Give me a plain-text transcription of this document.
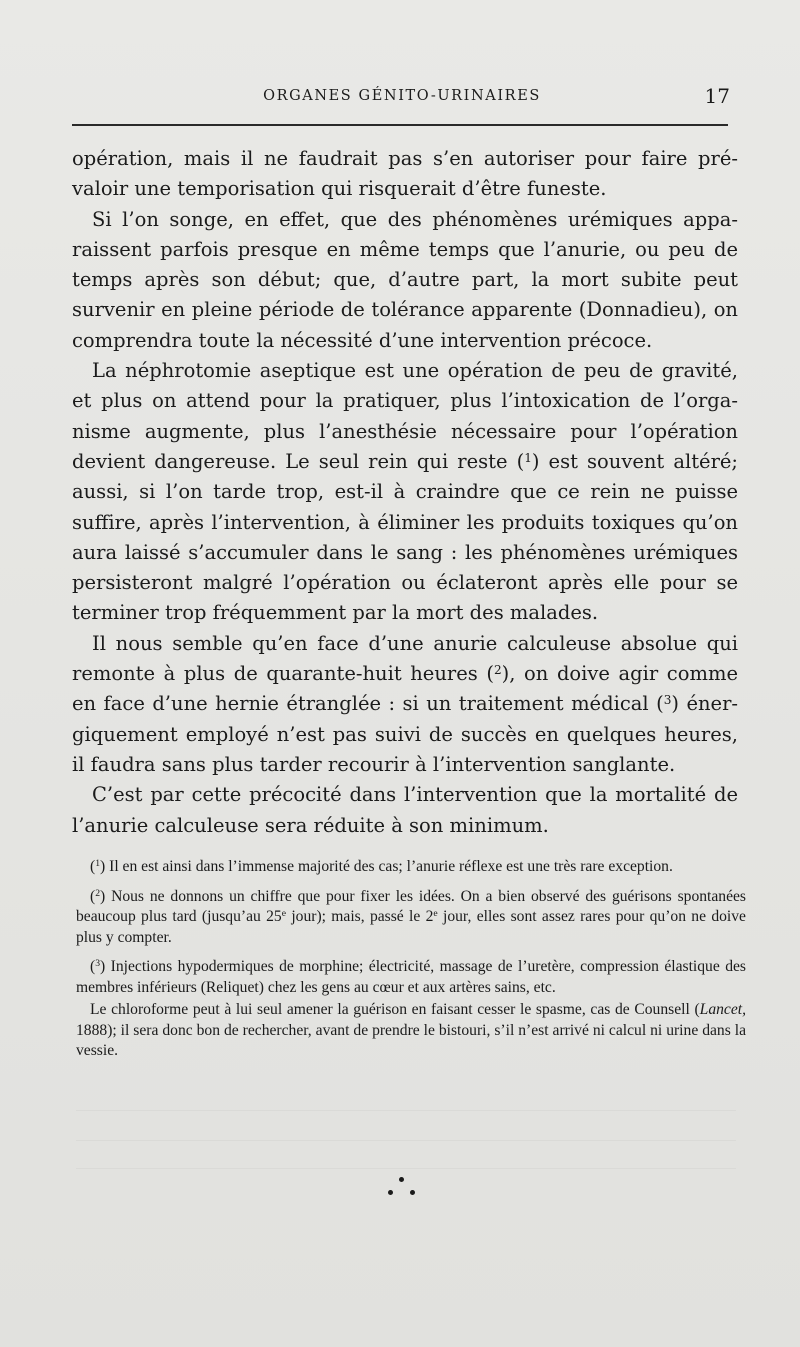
ORGANES GÉNITO-URINAIRES	17

opération, mais il ne faudrait pas s’en autoriser pour faire prévaloir une temporisation qui risquerait d’être funeste.

Si l’on songe, en effet, que des phénomènes urémiques apparaissent parfois presque en même temps que l’anurie, ou peu de temps après son début; que, d’autre part, la mort subite peut survenir en pleine période de tolérance apparente (Donnadieu), on comprendra toute la nécessité d’une intervention précoce.

La néphrotomie aseptique est une opération de peu de gravité, et plus on attend pour la pratiquer, plus l’intoxication de l’organisme augmente, plus l’anesthésie nécessaire pour l’opération devient dangereuse. Le seul rein qui reste ($^1$) est souvent altéré; aussi, si l’on tarde trop, est-il à craindre que ce rein ne puisse suffire, après l’intervention, à éliminer les produits toxiques qu’on aura laissé s’accumuler dans le sang : les phénomènes urémiques persisteront malgré l’opération ou éclateront après elle pour se terminer trop fréquemment par la mort des malades.

Il nous semble qu’en face d’une anurie calculeuse absolue qui remonte à plus de quarante-huit heures ($^2$), on doive agir comme en face d’une hernie étranglée : si un traitement médical ($^3$) énergiquement employé n’est pas suivi de succès en quelques heures, il faudra sans plus tarder recourir à l’intervention sanglante.

C’est par cette précocité dans l’intervention que la mortalité de l’anurie calculeuse sera réduite à son minimum.

($^1$) Il en est ainsi dans l’immense majorité des cas; l’anurie réflexe est une très rare exception.

($^2$) Nous ne donnons un chiffre que pour fixer les idées. On a bien observé des guérisons spontanées beaucoup plus tard (jusqu’au 25e jour); mais, passé le 2e jour, elles sont assez rares pour qu’on ne doive plus y compter.

($^3$) Injections hypodermiques de morphine; électricité, massage de l’uretère, compression élastique des membres inférieurs (Reliquet) chez les gens au cœur et aux artères sains, etc.

Le chloroforme peut à lui seul amener la guérison en faisant cesser le spasme, cas de Counsell (Lancet, 1888); il sera donc bon de rechercher, avant de prendre le bistouri, s’il n’est arrivé ni calcul ni urine dans la vessie.
